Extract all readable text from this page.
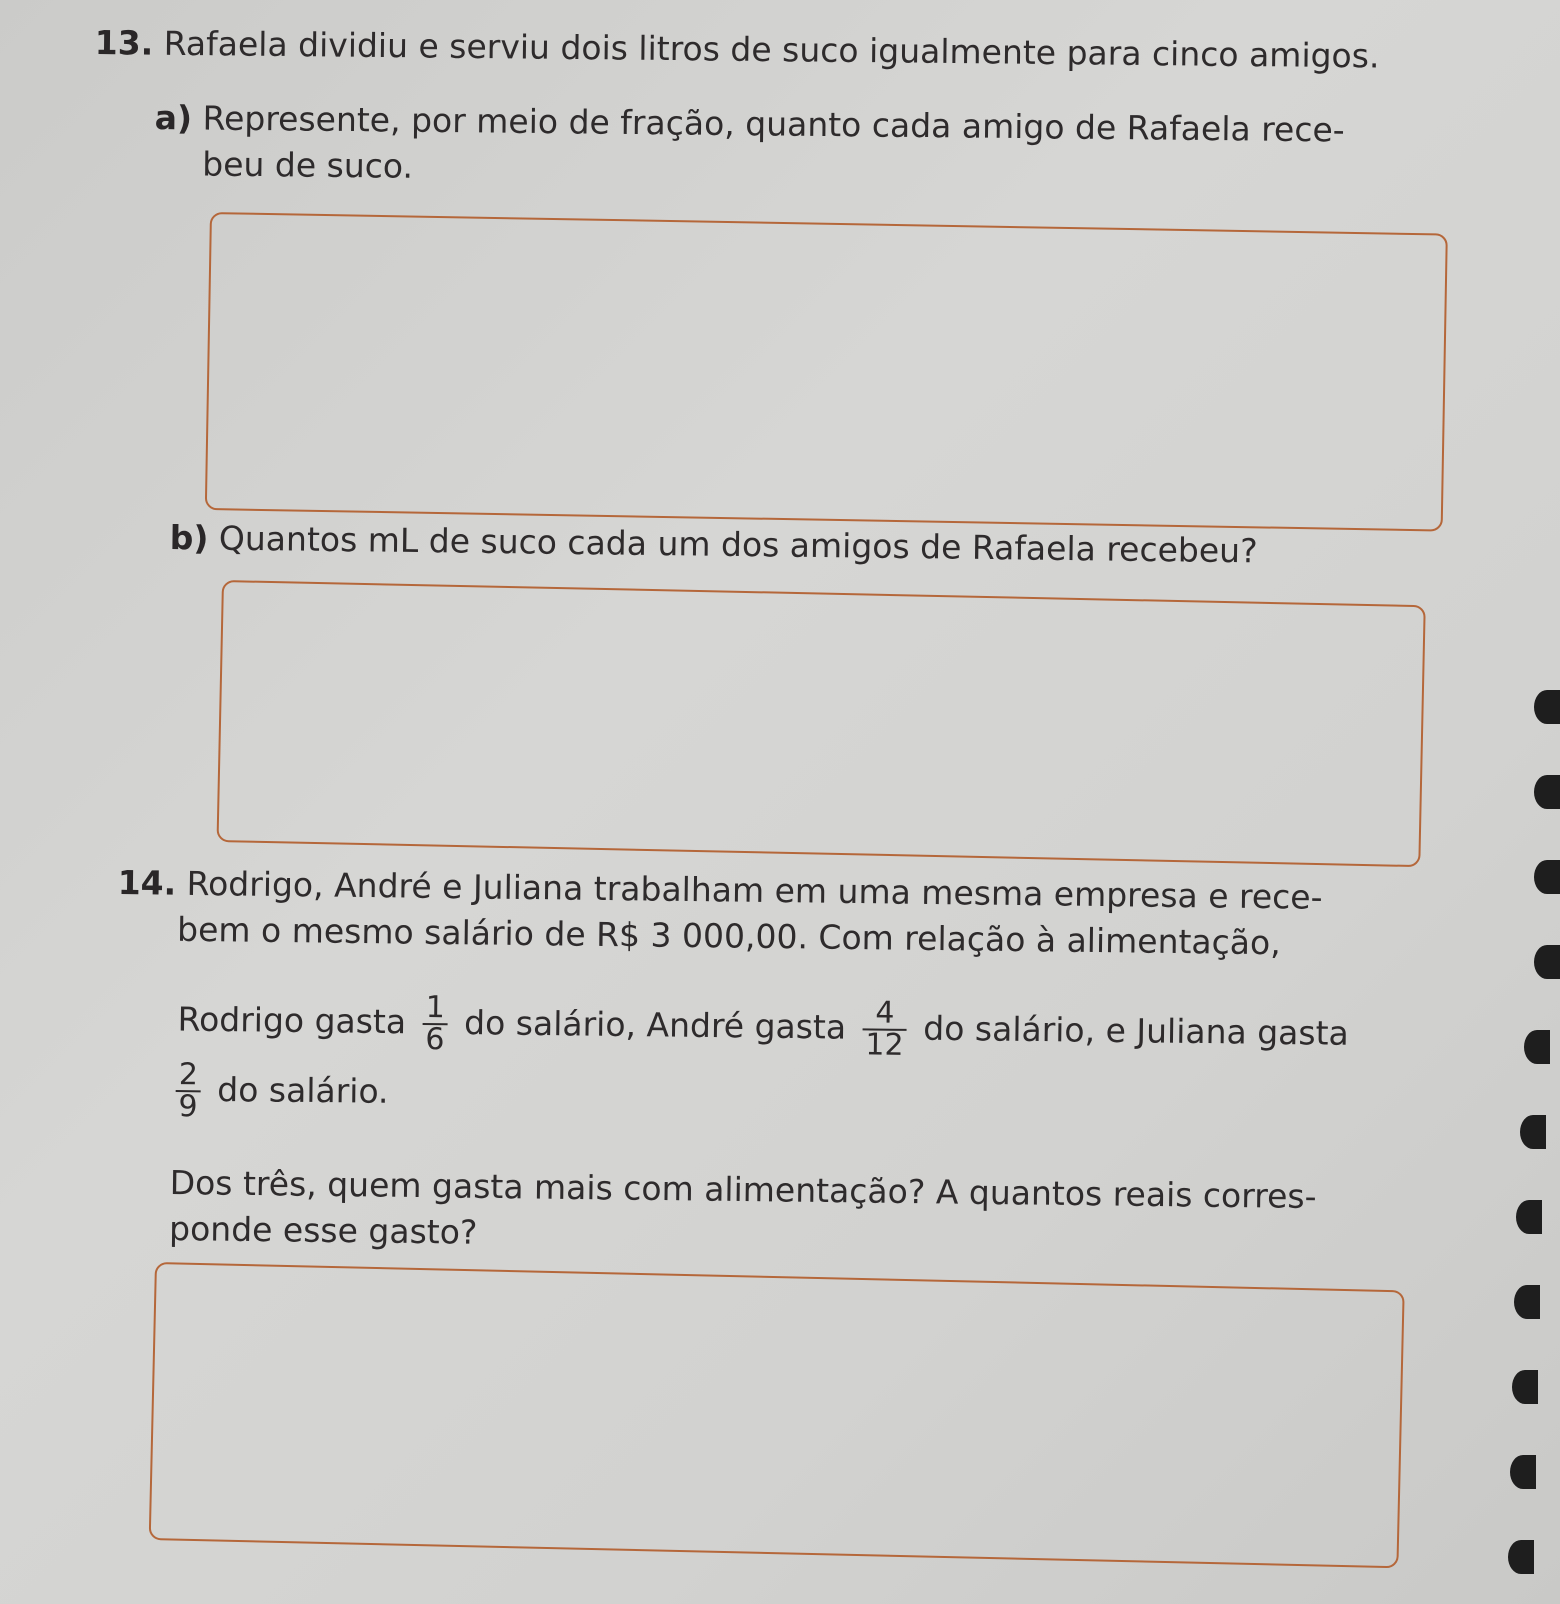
13. Rafaela dividiu e serviu dois litros de suco igualmente para cinco amigos.
a) Represente, por meio de fração, quanto cada amigo de Rafaela rece-
beu de suco.
b) Quantos mL de suco cada um dos amigos de Rafaela recebeu?
14. Rodrigo, André e Juliana trabalham em uma mesma empresa e rece-
bem o mesmo salário de R$ 3 000,00. Com relação à alimentação,
Rodrigo gasta $\frac{1}{6}$ do salário, André gasta $\frac{4}{12}$ do salário, e Juliana gasta
$\frac{2}{9}$ do salário.
Dos três, quem gasta mais com alimentação? A quantos reais corres-
ponde esse gasto?
